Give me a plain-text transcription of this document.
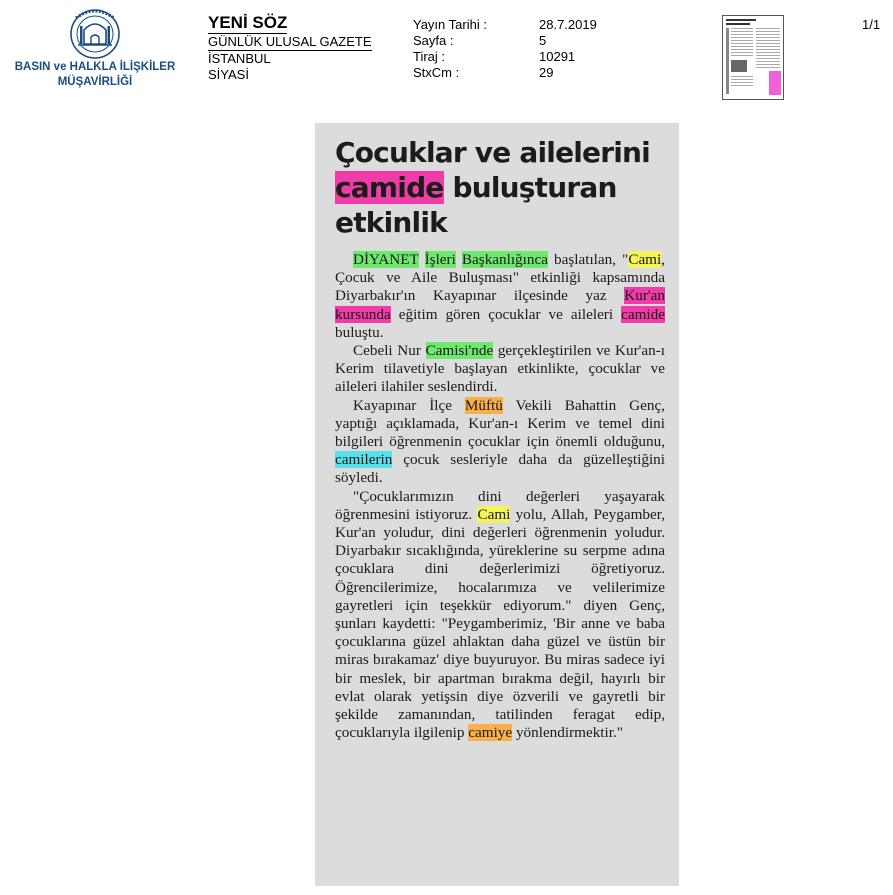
BASIN ve HALKLA İLİŞKİLER
MÜŞAVİRLİĞİ
YENİ SÖZ
GÜNLÜK ULUSAL GAZETE
İSTANBUL
SİYASİ
Yayın Tarihi :
Sayfa :
Tiraj :
StxCm :
28.7.2019
5
10291
29
1/1
Çocuklar ve ailelerini
camide buluşturan
etkinlik

DİYANET İşleri Başkanlığınca başlatılan, "Cami, Çocuk ve Aile Buluşması" etkinliği kapsamında Diyarbakır'ın Kayapınar ilçesinde yaz Kur'an kursunda eğitim gören çocuklar ve aileleri camide buluştu.

Cebeli Nur Camisi'nde gerçekleştirilen ve Kur'an-ı Kerim tilavetiyle başlayan etkinlikte, çocuklar ve aileleri ilahiler seslendirdi.

Kayapınar İlçe Müftü Vekili Bahattin Genç, yaptığı açıklamada, Kur'an-ı Kerim ve temel dini bilgileri öğrenmenin çocuklar için önemli olduğunu, camilerin çocuk sesleriyle daha da güzelleştiğini söyledi.

"Çocuklarımızın dini değerleri yaşayarak öğrenmesini istiyoruz. Cami yolu, Allah, Peygamber, Kur'an yoludur, dini değerleri öğrenmenin yoludur. Diyarbakır sıcaklığında, yüreklerine su serpme adına çocuklara dini değerlerimizi öğretiyoruz. Öğrencilerimize, hocalarımıza ve velilerimize gayretleri için teşekkür ediyorum." diyen Genç, şunları kaydetti: "Peygamberimiz, 'Bir anne ve baba çocuklarına güzel ahlaktan daha güzel ve üstün bir miras bırakamaz' diye buyuruyor. Bu miras sadece iyi bir meslek, bir apartman bırakma değil, hayırlı bir evlat olarak yetişsin diye özverili ve gayretli bir şekilde zamanından, tatilinden feragat edip, çocuklarıyla ilgilenip camiye yönlendirmektir."
